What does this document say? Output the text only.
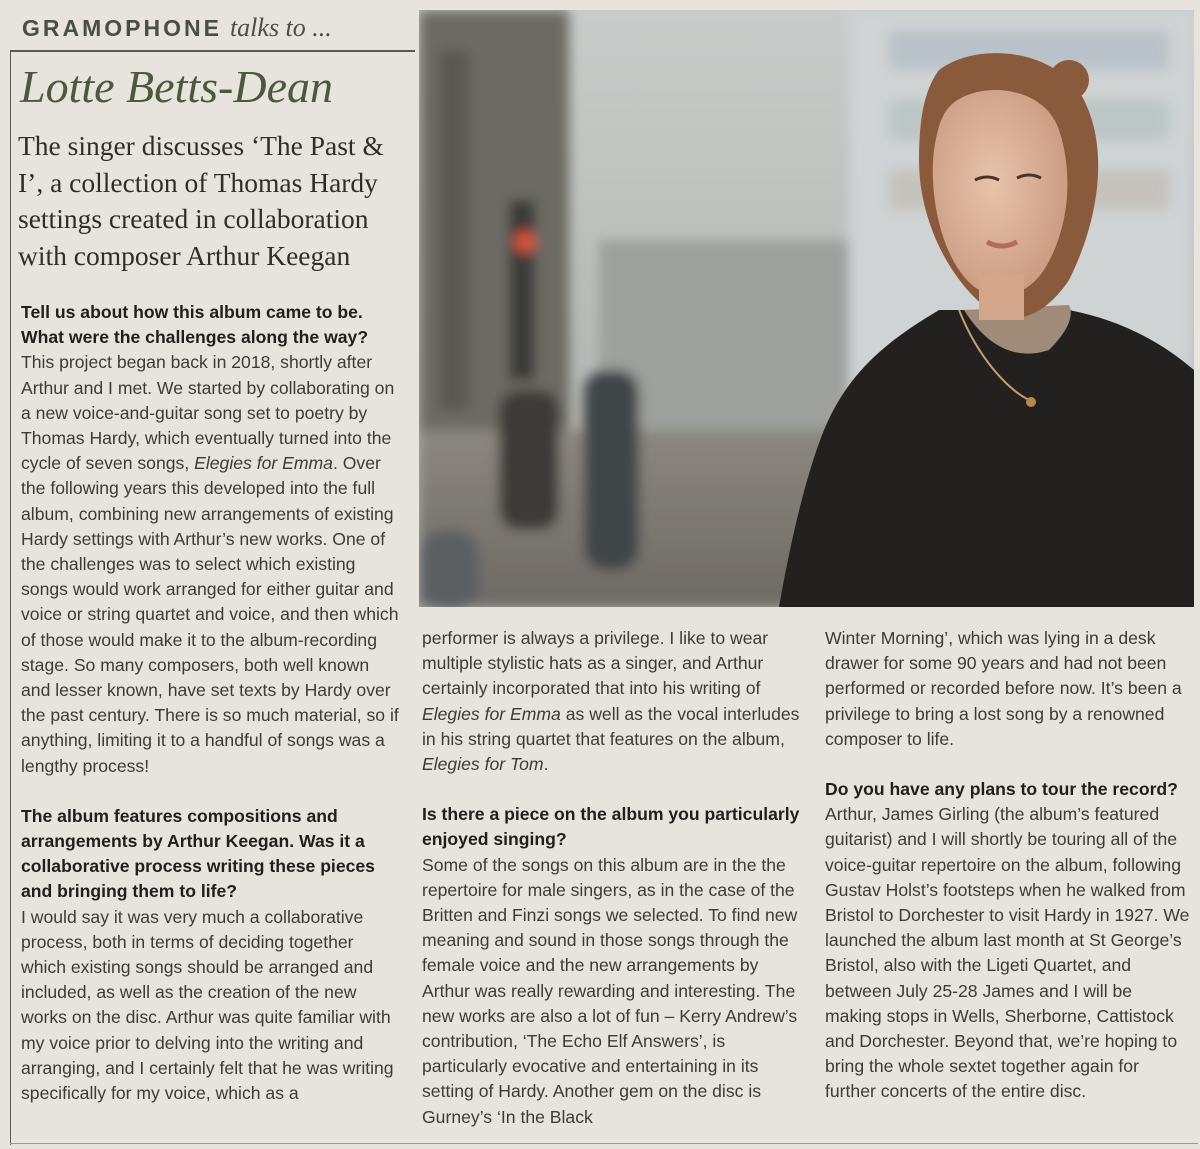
GRAMOPHONE talks to ...
Lotte Betts-Dean

The singer discusses ‘The Past & I’, a collection of Thomas Hardy settings created in collaboration with composer Arthur Keegan

Tell us about how this album came to be. What were the challenges along the way?

This project began back in 2018, shortly after Arthur and I met. We started by collaborating on a new voice-and-guitar song set to poetry by Thomas Hardy, which eventually turned into the cycle of seven songs, Elegies for Emma. Over the following years this developed into the full album, combining new arrangements of existing Hardy settings with Arthur’s new works. One of the challenges was to select which existing songs would work arranged for either guitar and voice or string quartet and voice, and then which of those would make it to the album-recording stage. So many composers, both well known and lesser known, have set texts by Hardy over the past century. There is so much material, so if anything, limiting it to a handful of songs was a lengthy process!

The album features compositions and arrangements by Arthur Keegan. Was it a collaborative process writing these pieces and bringing them to life?

I would say it was very much a collaborative process, both in terms of deciding together which existing songs should be arranged and included, as well as the creation of the new works on the disc. Arthur was quite familiar with my voice prior to delving into the writing and arranging, and I certainly felt that he was writing specifically for my voice, which as a

performer is always a privilege. I like to wear multiple stylistic hats as a singer, and Arthur certainly incorporated that into his writing of Elegies for Emma as well as the vocal interludes in his string quartet that features on the album, Elegies for Tom.

Is there a piece on the album you particularly enjoyed singing?

Some of the songs on this album are in the the repertoire for male singers, as in the case of the Britten and Finzi songs we selected. To find new meaning and sound in those songs through the female voice and the new arrangements by Arthur was really rewarding and interesting. The new works are also a lot of fun – Kerry Andrew’s contribution, ‘The Echo Elf Answers’, is particularly evocative and entertaining in its setting of Hardy. Another gem on the disc is Gurney’s ‘In the Black

Winter Morning’, which was lying in a desk drawer for some 90 years and had not been performed or recorded before now. It’s been a privilege to bring a lost song by a renowned composer to life.

Do you have any plans to tour the record?

Arthur, James Girling (the album’s featured guitarist) and I will shortly be touring all of the voice-guitar repertoire on the album, following Gustav Holst’s footsteps when he walked from Bristol to Dorchester to visit Hardy in 1927. We launched the album last month at St George’s Bristol, also with the Ligeti Quartet, and between July 25-28 James and I will be making stops in Wells, Sherborne, Cattistock and Dorchester. Beyond that, we’re hoping to bring the whole sextet together again for further concerts of the entire disc.
